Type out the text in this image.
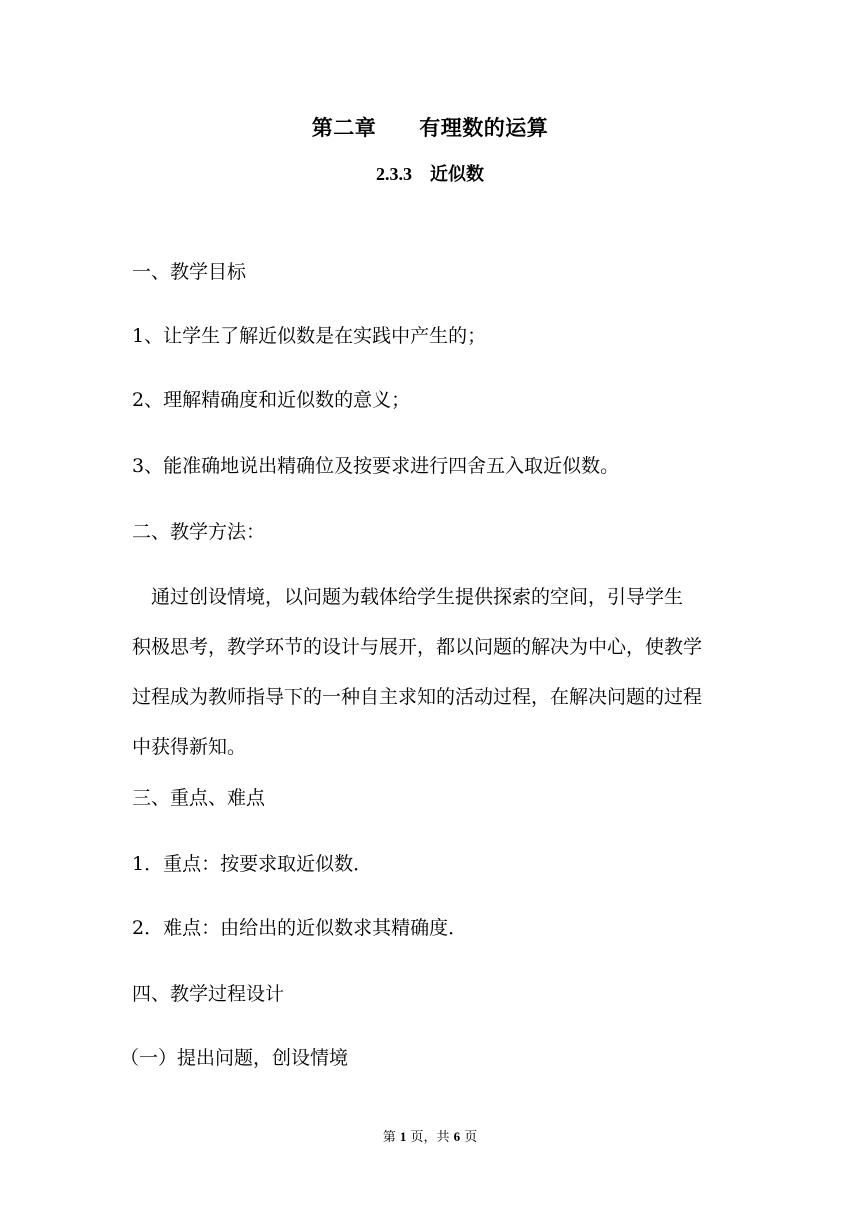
第二章　　有理数的运算
2.3.3 近似数
一、教学目标
1、让学生了解近似数是在实践中产生的；
2、理解精确度和近似数的意义；
3、能准确地说出精确位及按要求进行四舍五入取近似数。
二、教学方法：
　通过创设情境，以问题为载体给学生提供探索的空间，引导学生
积极思考，教学环节的设计与展开，都以问题的解决为中心，使教学
过程成为教师指导下的一种自主求知的活动过程，在解决问题的过程
中获得新知。
三、重点、难点
1．重点：按要求取近似数．
2．难点：由给出的近似数求其精确度．
四、教学过程设计
（一）提出问题，创设情境
第 1 页，共 6 页
